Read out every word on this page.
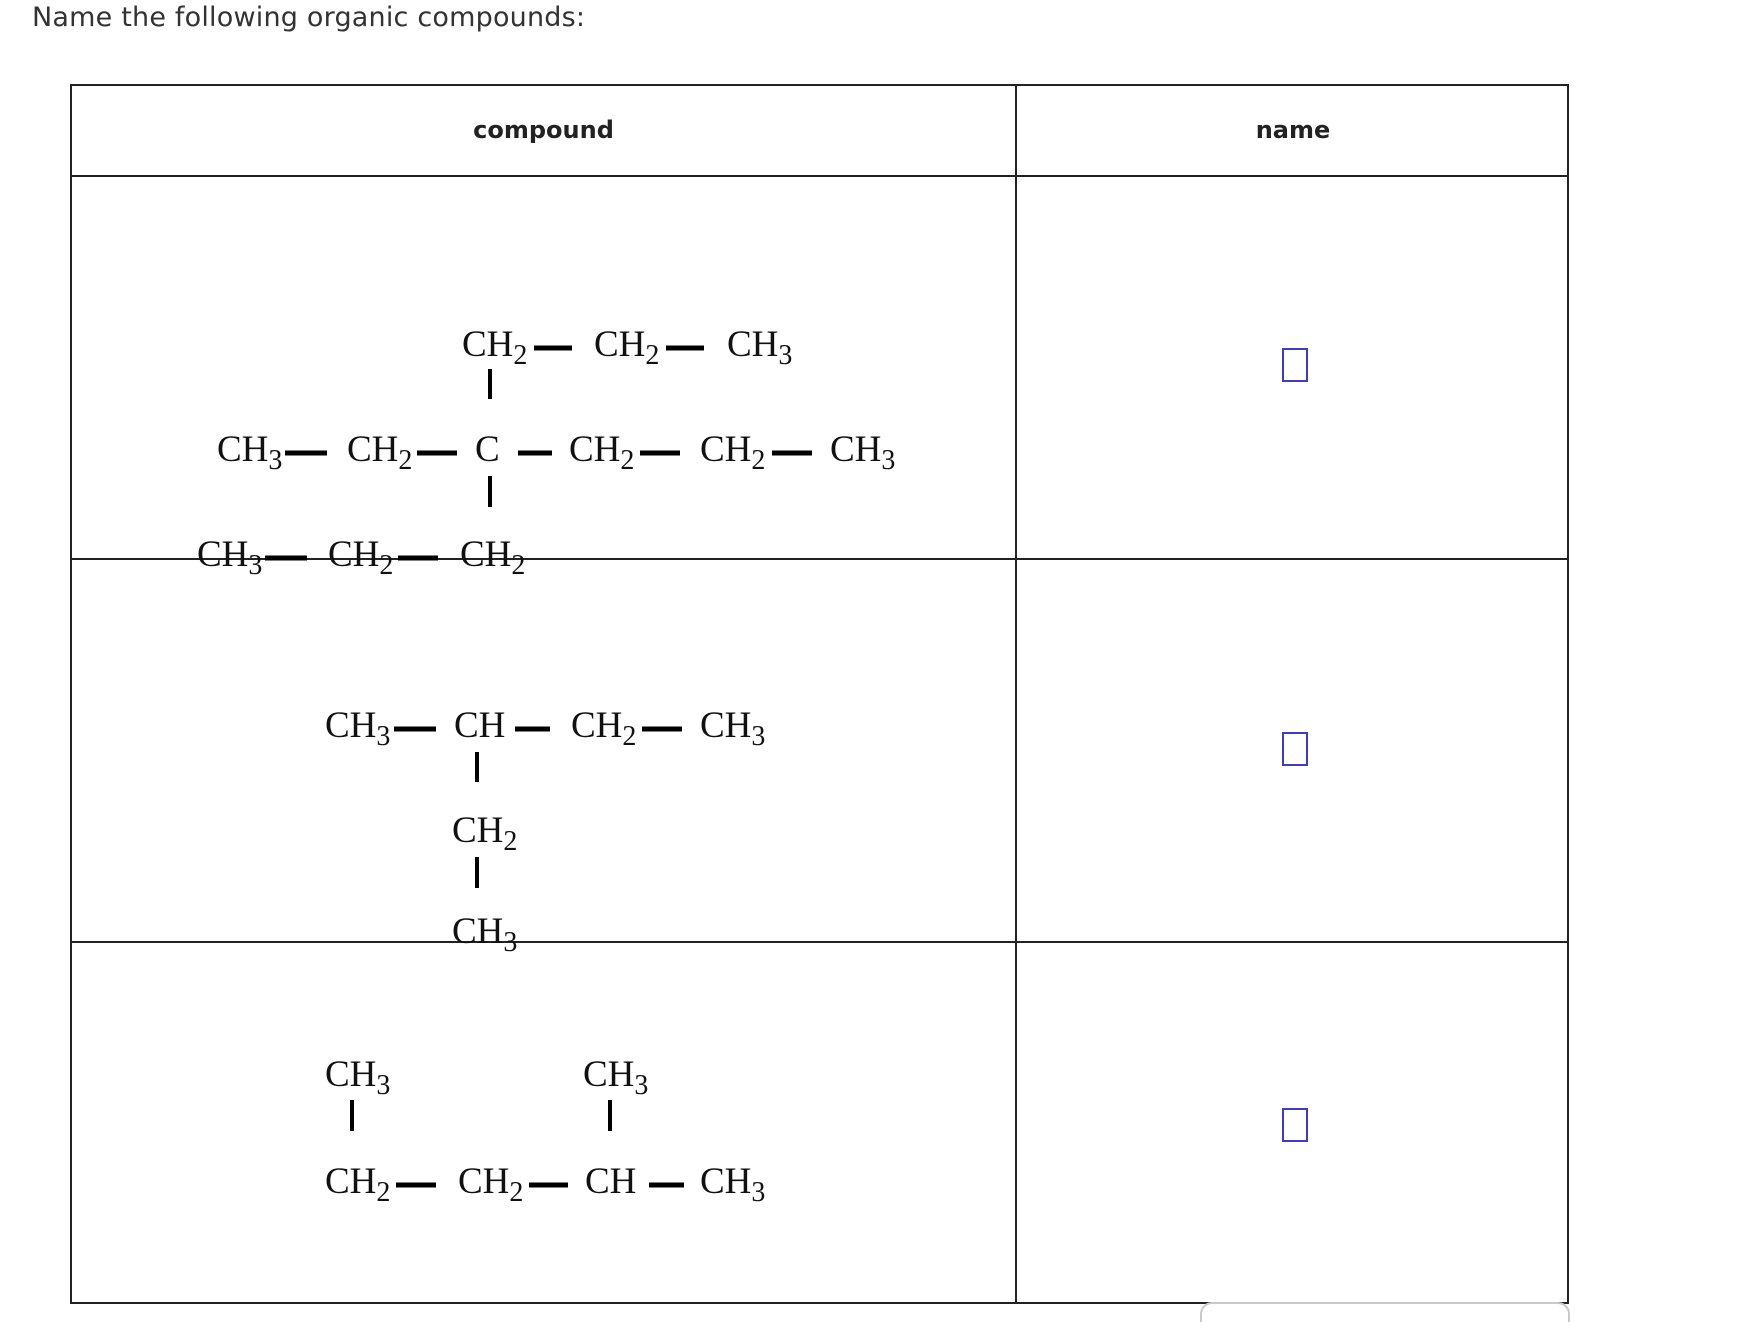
Name the following organic compounds:
compound	name
$CH_2$ $CH_2$ $CH_3$
$CH_3$ $CH_2$ C $CH_2$ $CH_2$ $CH_3$
$CH_3$ $CH_2$ $CH_2$
$CH_3$ CH $CH_2$ $CH_3$
$CH_2$
$CH_3$
$CH_3$	$CH_3$
$CH_2$ $CH_2$ CH $CH_3$
